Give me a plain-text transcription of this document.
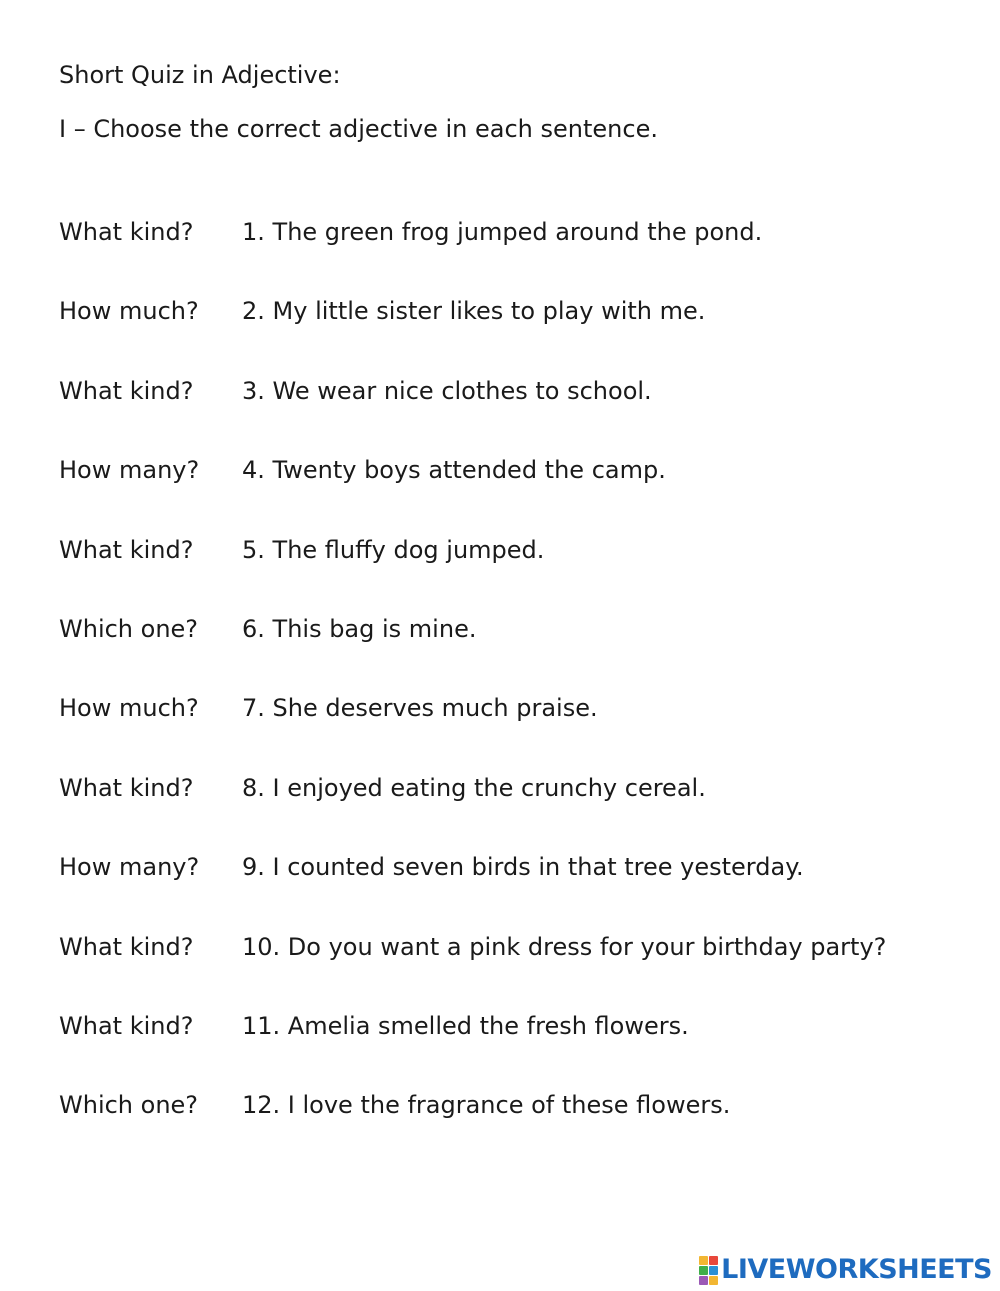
Short Quiz in Adjective:
I – Choose the correct adjective in each sentence.
What kind?	1. The green frog jumped around the pond.
How much?	2. My little sister likes to play with me.
What kind?	3. We wear nice clothes to school.
How many?	4. Twenty boys attended the camp.
What kind?	5. The fluffy dog jumped.
Which one?	6. This bag is mine.
How much?	7. She deserves much praise.
What kind?	8. I enjoyed eating the crunchy cereal.
How many?	9. I counted seven birds in that tree yesterday.
What kind?	10. Do you want a pink dress for your birthday party?
What kind?	11. Amelia smelled the fresh flowers.
Which one?	12. I love the fragrance of these flowers.
LIVEWORKSHEETS
